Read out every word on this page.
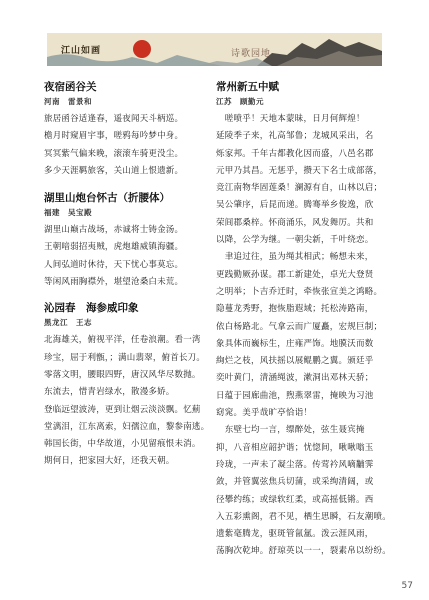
江山如画	诗歌园地
夜宿函谷关
河南 雷景和
旅居函谷适逢春，遥夜闻天斗柄巡。
檐月时窥眉宇事，嗟鸦每吟梦中身。
冥冥紫气偏来晚，滚滚车骑更没尘。
多少天涯羁旅客，关山道上恨遗新。
湖里山炮台怀古（折腰体）
福建 吴宝殿
湖里山巅古战场，赤诚将士铸金汤。
王朝喑弱招夷贼，虎炮雄威镇海疆。
人间弘道时休待，天下忧心事莫忘。
等闲风雨胸襟外，堪望沧桑白未荒。
沁园春　海参威印象
黑龙江 王志
北海雄关，俯视平洋，任卷浪潮。看一湾
珍宝，屈于利甑，；满山翡翠，俯首长刀。
零落文明，腰眼四野，唐汉风华尽数抛。
东流去，惜青岩绿水，散漫多娇。
登临远望波涛，更到让烟云淡淡飘。忆薊
堂漓泪，江东离索，妇孺泣血，黎参南逃。
韩国长街，中华故道，小见留痕恨未消。
期何日，把家园大好，还我天朝。
常州新五中赋
江苏 顾勤元
　嗟喷乎！天地本蒙昧，日月何辉煌！
延陵季子来，礼高邹鲁；龙城风采出，名
烁家邦。千年古都教化因而盛，八邑名郡
元甲乃其昌。无惩乎，攒天下名士成部落，
竞江南物华固莲桑！澜源有自，山林以启；
吴公肇序，后昆而递。腾骞举乡俊逸，欣
荣闾郡桑梓。怀商涌乐，风发舞厉。共和
以降，公学为继。一朝尖新，千叶绕恋。
　聿追过往，虽为绳其相武；畅想未来，
更践勤厥孙谋。郡工新建处，卓光大登贤
之明举；卜吉乔迁时，牵恢张宣美之鸿略。
隐蔓龙秀野，抱恢脂遐域；托松涛路南，
依白杨路北。气拿云而广厦矗，宏规巨制；
象具体而巍标生，庄雍严饰。地膜沃而数
絢烂之枝，风扶摇以展鲲鹏之翼。颁廷乎
奕叶黄门，清涵绳波，漱洞出邓林天骄；
日蕴于园廊曲池，煦燕翠雷，掩映为习池
窈窕。美乎哉旷亭恰诣！
　东壁七均一言，缥醉处，弦生聂宾掩
抑，八音相应韶护谐；忧惚间，啾啾嗡玉
玲珑，一声未了凝尘落。传莺衿风嘀黼霁
敛，并管翼弦焦兵切蒲，或采绚清阔，或
径攀约练；或绿软红柔，或高摇低锵。西
入五彩熏阁，君不见，栖生思瞬，石友潮喷。
遗紫毫腾龙，驱斑管氤氲。泼云涯风雨，
荡胸次乾坤。舒琼英以一一，裂素帛以纷纷。
57
